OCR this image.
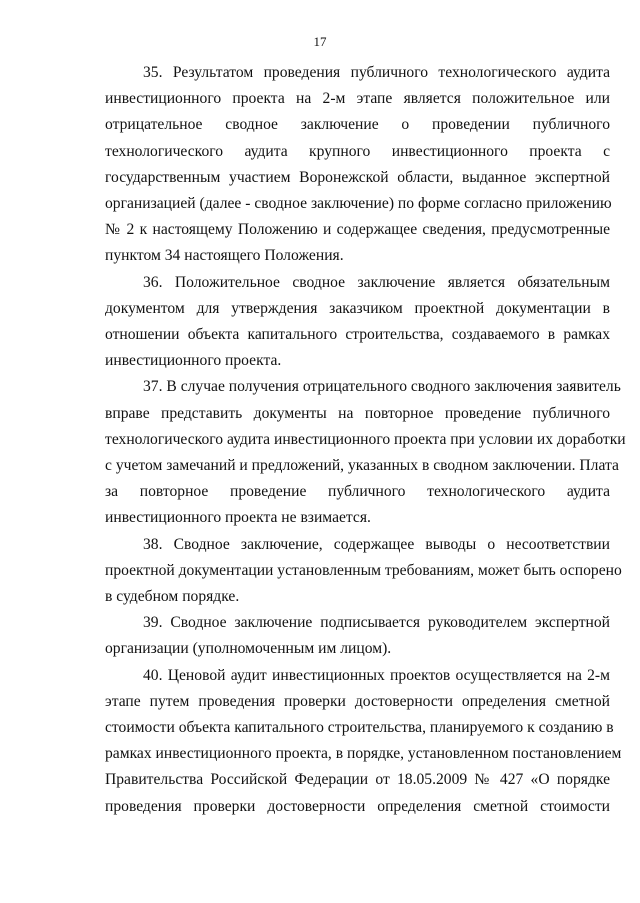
17
35. Результатом проведения публичного технологического аудита
инвестиционного проекта на 2-м этапе является положительное или
отрицательное сводное заключение о проведении публичного
технологического аудита крупного инвестиционного проекта с
государственным участием Воронежской области, выданное экспертной
организацией (далее - сводное заключение) по форме согласно приложению
№ 2 к настоящему Положению и содержащее сведения, предусмотренные
пунктом 34 настоящего Положения.
36. Положительное сводное заключение является обязательным
документом для утверждения заказчиком проектной документации в
отношении объекта капитального строительства, создаваемого в рамках
инвестиционного проекта.
37. В случае получения отрицательного сводного заключения заявитель
вправе представить документы на повторное проведение публичного
технологического аудита инвестиционного проекта при условии их доработки
с учетом замечаний и предложений, указанных в сводном заключении. Плата
за повторное проведение публичного технологического аудита
инвестиционного проекта не взимается.
38. Сводное заключение, содержащее выводы о несоответствии
проектной документации установленным требованиям, может быть оспорено
в судебном порядке.
39. Сводное заключение подписывается руководителем экспертной
организации (уполномоченным им лицом).
40. Ценовой аудит инвестиционных проектов осуществляется на 2-м
этапе путем проведения проверки достоверности определения сметной
стоимости объекта капитального строительства, планируемого к созданию в
рамках инвестиционного проекта, в порядке, установленном постановлением
Правительства Российской Федерации от 18.05.2009 № 427 «О порядке
проведения проверки достоверности определения сметной стоимости
